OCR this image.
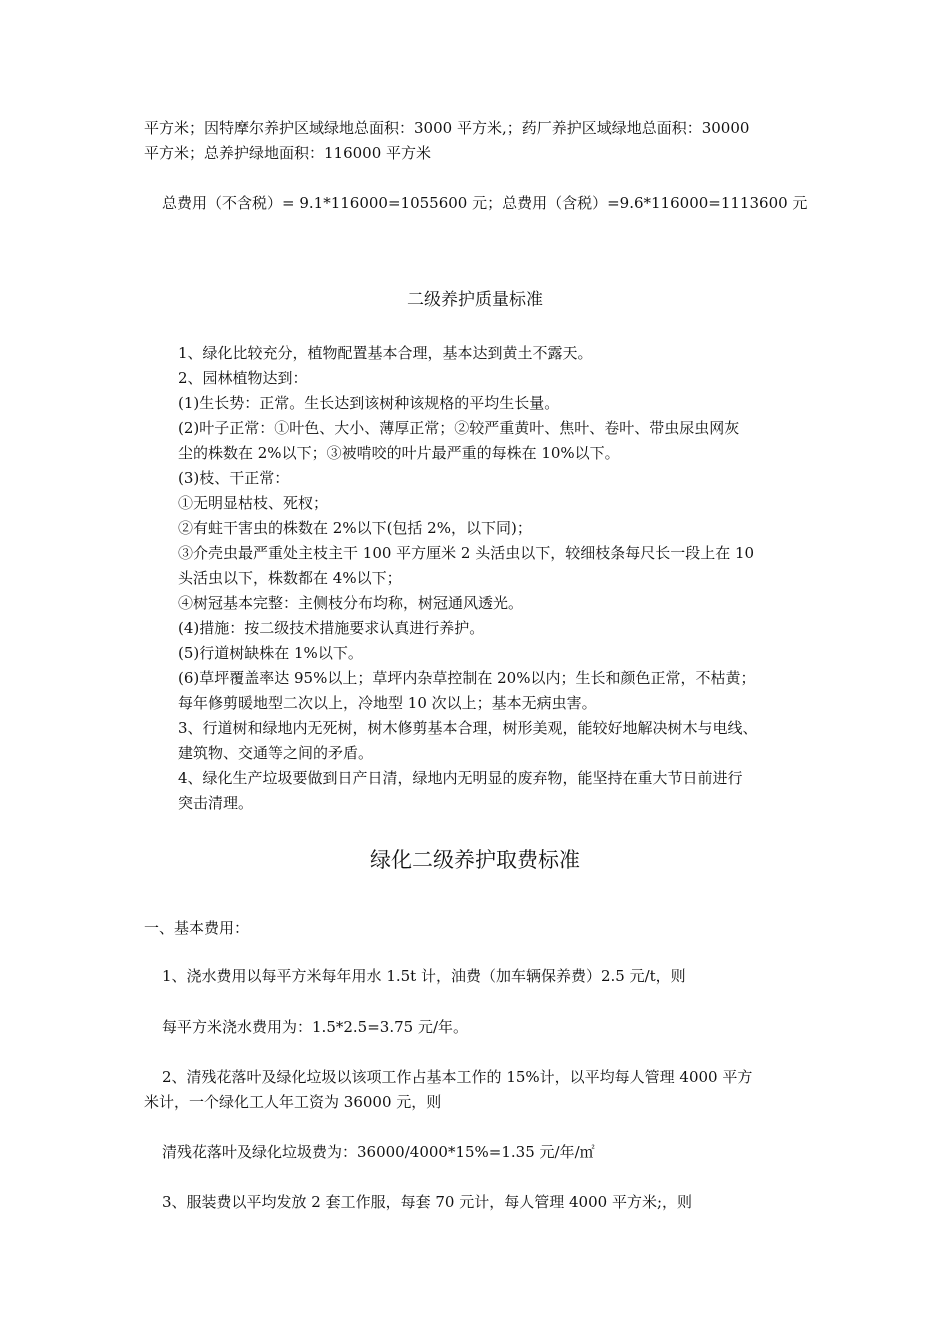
平方米；因特摩尔养护区域绿地总面积：3000 平方米,；药厂养护区域绿地总面积：30000
平方米；总养护绿地面积：116000 平方米
总费用（不含税）= 9.1*116000=1055600 元；总费用（含税）=9.6*116000=1113600 元
二级养护质量标准
1、绿化比较充分，植物配置基本合理，基本达到黄土不露天。
2、园林植物达到：
(1)生长势：正常。生长达到该树种该规格的平均生长量。
(2)叶子正常：①叶色、大小、薄厚正常；②较严重黄叶、焦叶、卷叶、带虫尿虫网灰
尘的株数在 2%以下；③被啃咬的叶片最严重的每株在 10%以下。
(3)枝、干正常：
①无明显枯枝、死杈；
②有蛀干害虫的株数在 2%以下(包括 2%，以下同)；
③介壳虫最严重处主枝主干 100 平方厘米 2 头活虫以下，较细枝条每尺长一段上在 10
头活虫以下，株数都在 4%以下；
④树冠基本完整：主侧枝分布均称，树冠通风透光。
(4)措施：按二级技术措施要求认真进行养护。
(5)行道树缺株在 1%以下。
(6)草坪覆盖率达 95%以上；草坪内杂草控制在 20%以内；生长和颜色正常，不枯黄；
每年修剪暖地型二次以上，冷地型 10 次以上；基本无病虫害。
3、行道树和绿地内无死树，树木修剪基本合理，树形美观，能较好地解决树木与电线、
建筑物、交通等之间的矛盾。
4、绿化生产垃圾要做到日产日清，绿地内无明显的废弃物，能坚持在重大节日前进行
突击清理。
绿化二级养护取费标准
一、基本费用：
1、浇水费用以每平方米每年用水 1.5t 计，油费（加车辆保养费）2.5 元/t，则
每平方米浇水费用为：1.5*2.5=3.75 元/年。
2、清残花落叶及绿化垃圾以该项工作占基本工作的 15%计，以平均每人管理 4000 平方
米计，一个绿化工人年工资为 36000 元，则
清残花落叶及绿化垃圾费为：36000/4000*15%=1.35 元/年/㎡
3、服装费以平均发放 2 套工作服，每套 70 元计，每人管理 4000 平方米;，则
